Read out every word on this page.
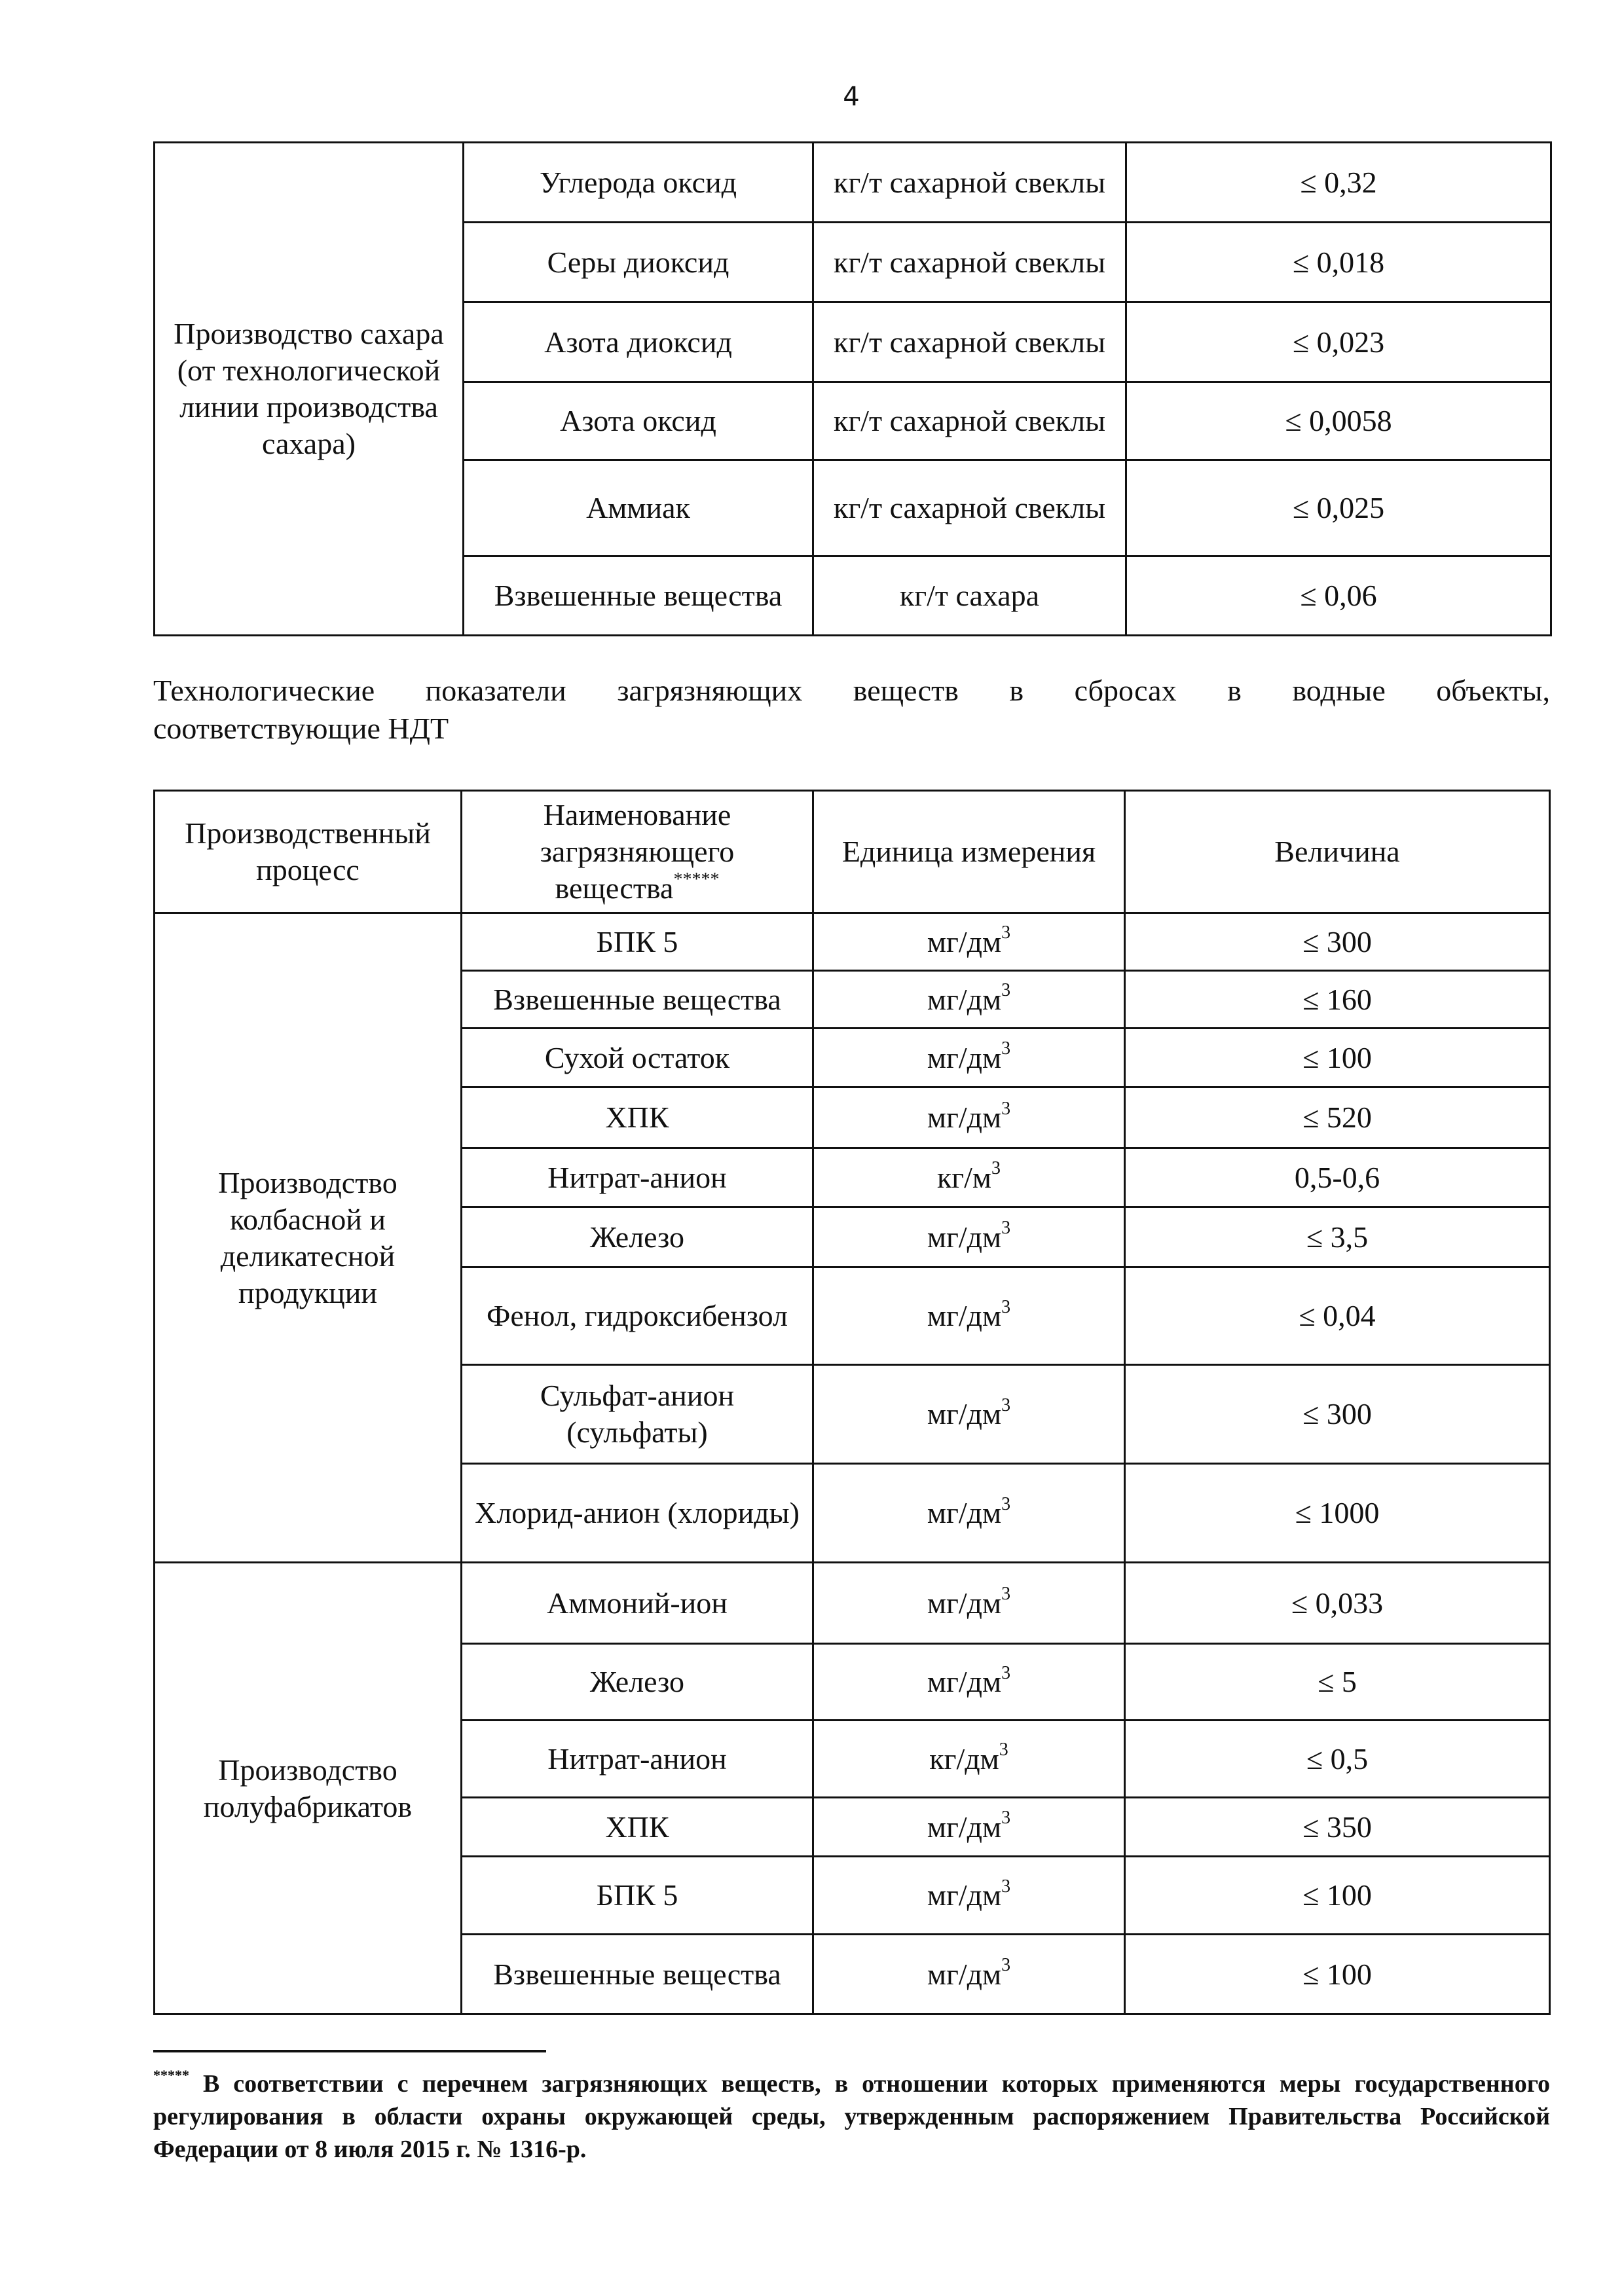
4
Производство сахара (от технологической линии производства сахара)	Углерода оксид	кг/т сахарной свеклы	≤ 0,32
	Серы диоксид	кг/т сахарной свеклы	≤ 0,018
	Азота диоксид	кг/т сахарной свеклы	≤ 0,023
	Азота оксид	кг/т сахарной свеклы	≤ 0,0058
	Аммиак	кг/т сахарной свеклы	≤ 0,025
	Взвешенные вещества	кг/т сахара	≤ 0,06
Технологические показатели загрязняющих веществ в сбросах в водные объекты,
соответствующие НДТ
Производственный процесс	Наименование загрязняющего вещества*****	Единица измерения	Величина
Производство колбасной и деликатесной продукции	БПК 5	$мг/дм^3$	≤ 300
	Взвешенные вещества	$мг/дм^3$	≤ 160
	Сухой остаток	$мг/дм^3$	≤ 100
	ХПК	$мг/дм^3$	≤ 520
	Нитрат-анион	$кг/м^3$	0,5-0,6
	Железо	$мг/дм^3$	≤ 3,5
	Фенол, гидроксибензол	$мг/дм^3$	≤ 0,04
	Сульфат-анион (сульфаты)	$мг/дм^3$	≤ 300
	Хлорид-анион (хлориды)	$мг/дм^3$	≤ 1000
Производство полуфабрикатов	Аммоний-ион	$мг/дм^3$	≤ 0,033
	Железо	$мг/дм^3$	≤ 5
	Нитрат-анион	$кг/дм^3$	≤ 0,5
	ХПК	$мг/дм^3$	≤ 350
	БПК 5	$мг/дм^3$	≤ 100
	Взвешенные вещества	$мг/дм^3$	≤ 100
***** В соответствии с перечнем загрязняющих веществ, в отношении которых применяются меры государственного
регулирования в области охраны окружающей среды, утвержденным распоряжением Правительства Российской Федерации от 8 июля 2015 г. № 1316-р.
